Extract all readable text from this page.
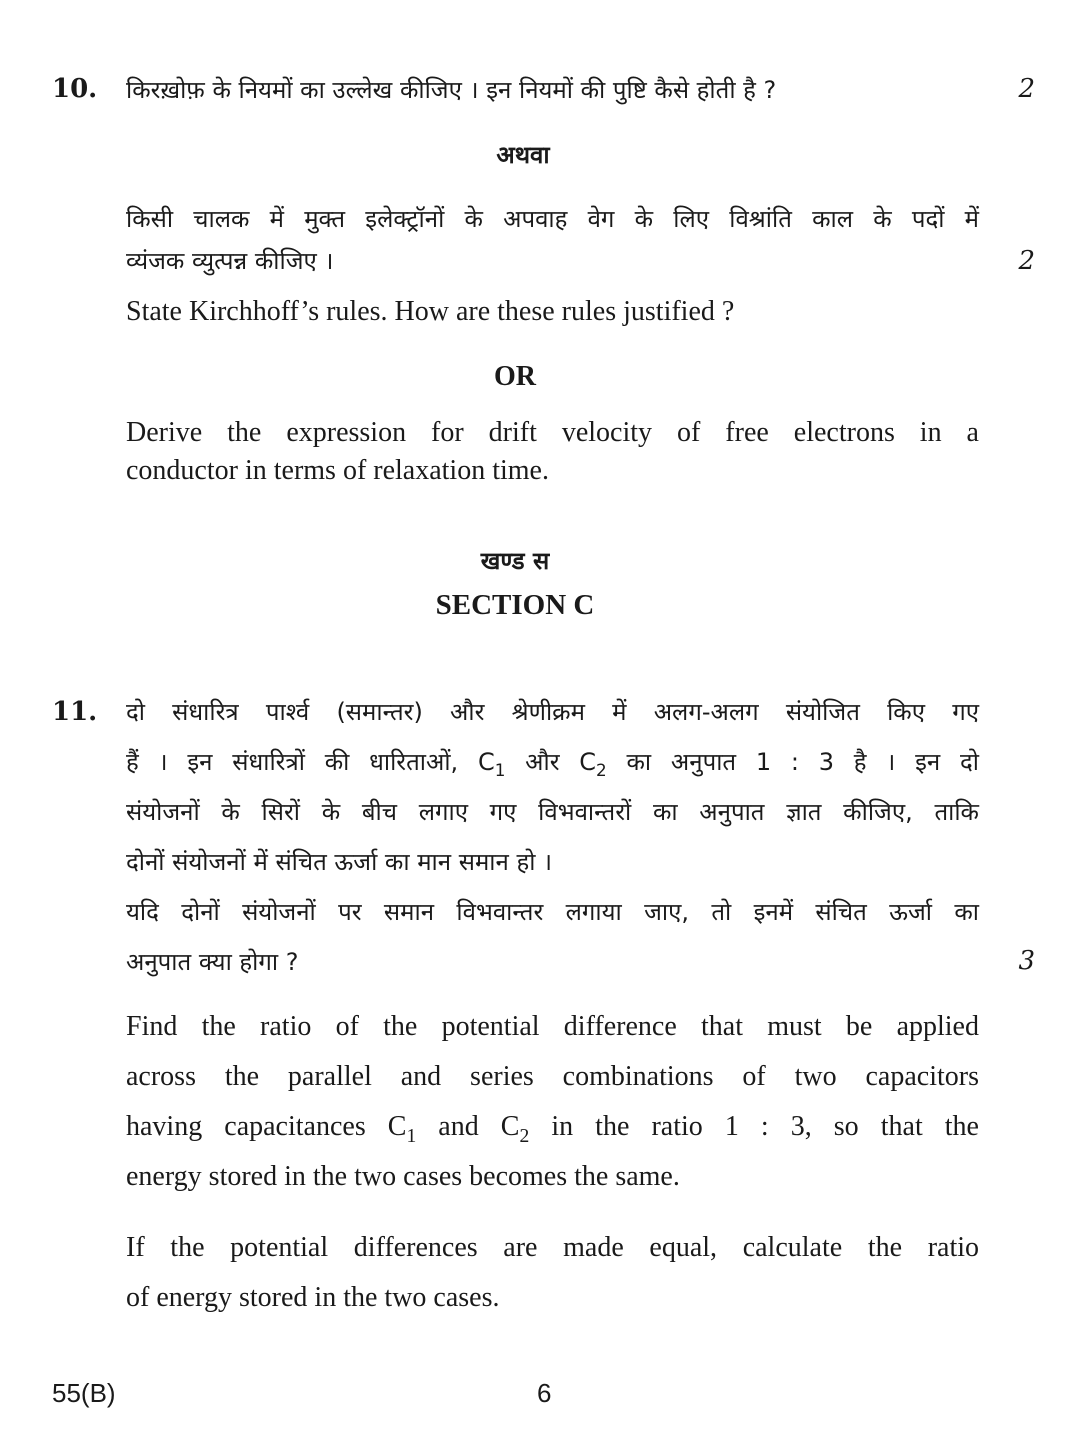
10. किरख़ोफ़ के नियमों का उल्लेख कीजिए । इन नियमों की पुष्टि कैसे होती है ?	2
अथवा
किसी चालक में मुक्त इलेक्ट्रॉनों के अपवाह वेग के लिए विश्रांति काल के पदों में
व्यंजक व्युत्पन्न कीजिए ।	2
State Kirchhoff’s rules. How are these rules justified ?
OR
Derive the expression for drift velocity of free electrons in a
conductor in terms of relaxation time.
खण्ड स
SECTION C
11. दो संधारित्र पार्श्व (समान्तर) और श्रेणीक्रम में अलग-अलग संयोजित किए गए
हैं । इन संधारित्रों की धारिताओं, $C_1$ और $C_2$ का अनुपात 1 : 3 है । इन दो
संयोजनों के सिरों के बीच लगाए गए विभवान्तरों का अनुपात ज्ञात कीजिए, ताकि
दोनों संयोजनों में संचित ऊर्जा का मान समान हो ।
यदि दोनों संयोजनों पर समान विभवान्तर लगाया जाए, तो इनमें संचित ऊर्जा का
अनुपात क्या होगा ?	3
Find the ratio of the potential difference that must be applied
across the parallel and series combinations of two capacitors
having capacitances $C_1$ and $C_2$ in the ratio 1 : 3, so that the
energy stored in the two cases becomes the same.
If the potential differences are made equal, calculate the ratio
of energy stored in the two cases.
55(B)	6
